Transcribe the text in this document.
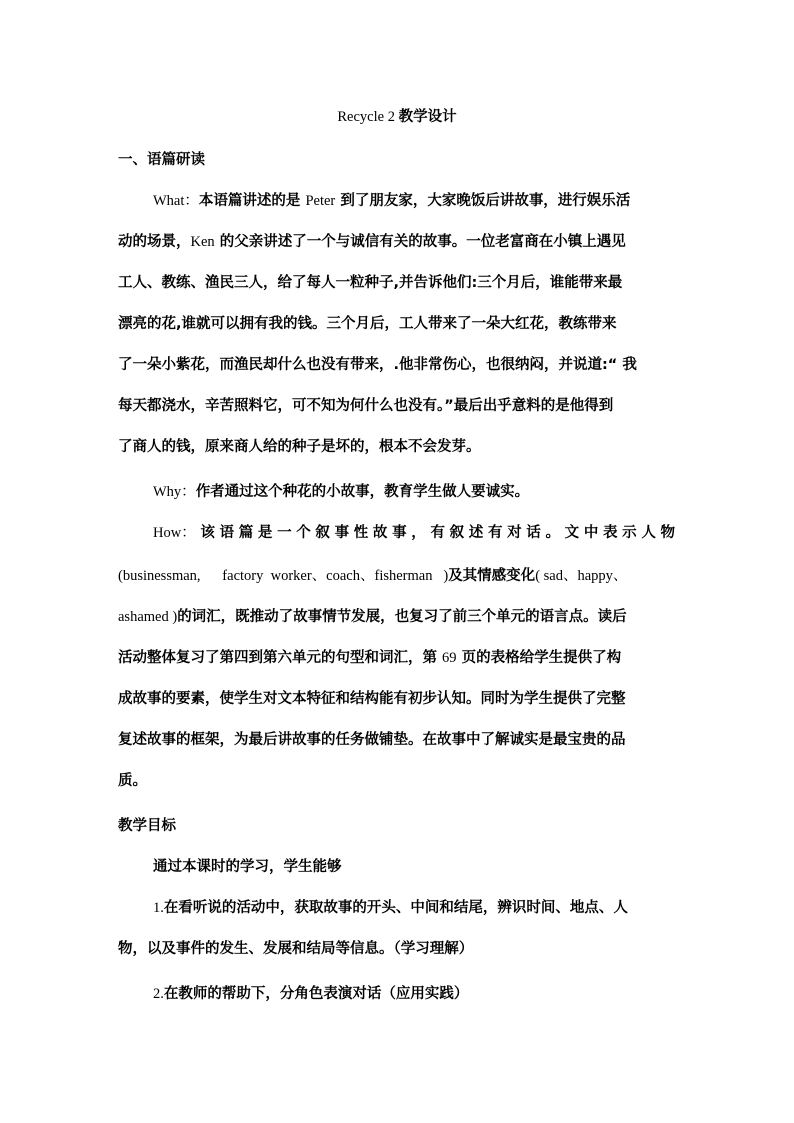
Recycle 2 教学设计
一、语篇研读
What：本语篇讲述的是 Peter 到了朋友家，大家晚饭后讲故事，进行娱乐活
动的场景，Ken 的父亲讲述了一个与诚信有关的故事。一位老富商在小镇上遇见
工人、教练、渔民三人，给了每人一粒种子,并告诉他们:三个月后，谁能带来最
漂亮的花,谁就可以拥有我的钱。三个月后，工人带来了一朵大红花，教练带来
了一朵小紫花，而渔民却什么也没有带来，.他非常伤心，也很纳闷，并说道:“ 我
每天都浇水，辛苦照料它，可不知为何什么也没有。”最后出乎意料的是他得到
了商人的钱，原来商人给的种子是坏的，根本不会发芽。
Why：作者通过这个种花的小故事，教育学生做人要诚实。
How： 该 语 篇 是 一 个 叙 事 性 故 事 ， 有 叙 述 有 对 话 。 文 中 表 示 人 物
(businessman,      factory  worker、coach、fisherman   )及其情感变化( sad、happy、
ashamed )的词汇，既推动了故事情节发展，也复习了前三个单元的语言点。读后
活动整体复习了第四到第六单元的句型和词汇，第 69 页的表格给学生提供了构
成故事的要素，使学生对文本特征和结构能有初步认知。同时为学生提供了完整
复述故事的框架，为最后讲故事的任务做铺垫。在故事中了解诚实是最宝贵的品
质。
教学目标
通过本课时的学习，学生能够
1.在看听说的活动中，获取故事的开头、中间和结尾，辨识时间、地点、人
物，以及事件的发生、发展和结局等信息。（学习理解）
2.在教师的帮助下，分角色表演对话（应用实践）
